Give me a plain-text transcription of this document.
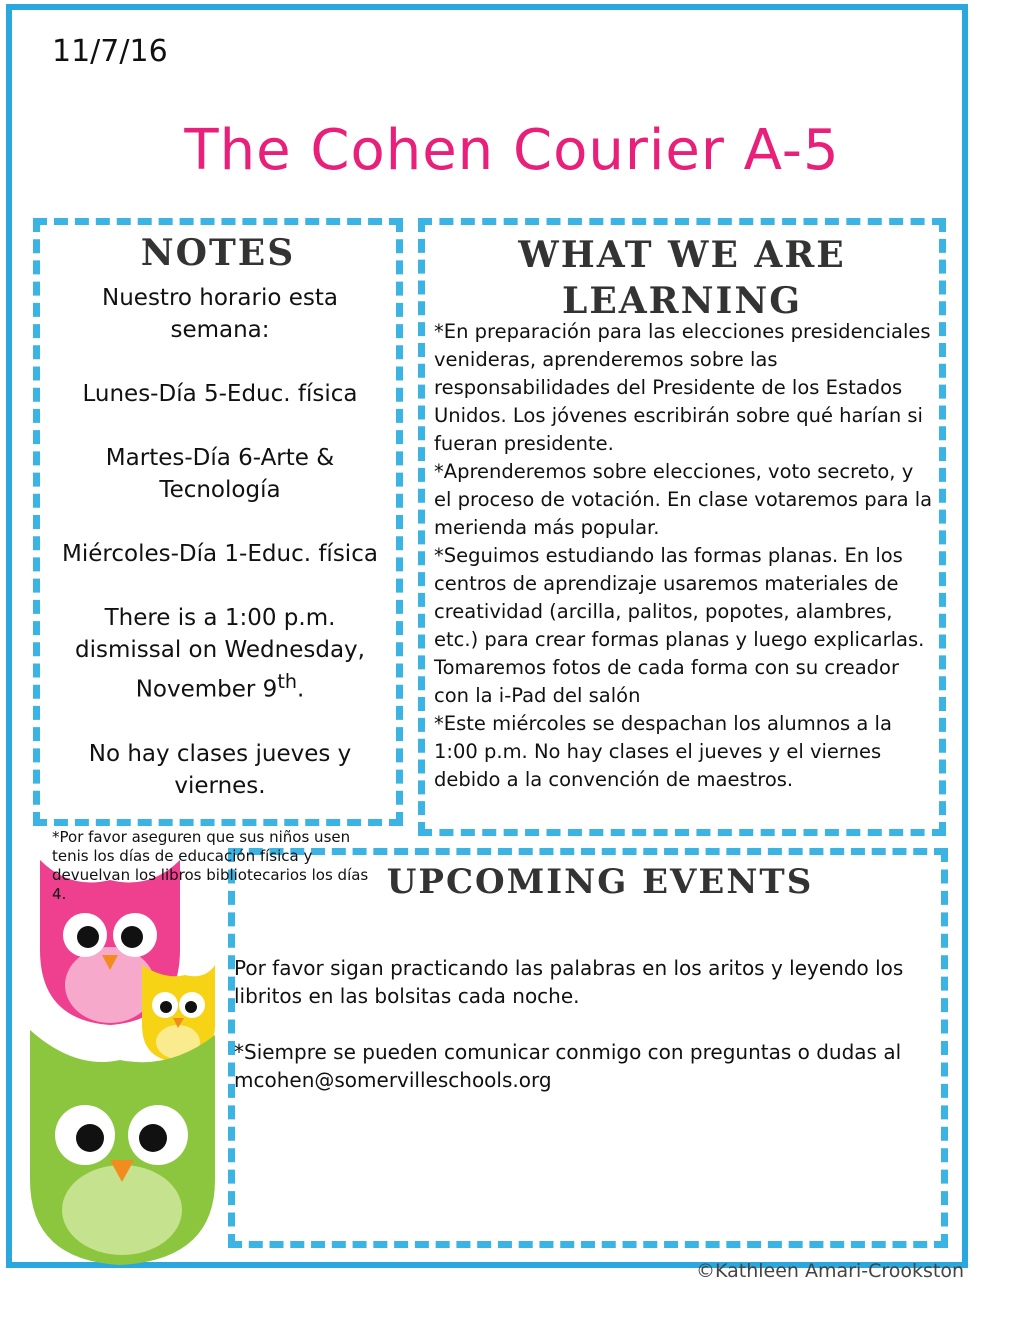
11/7/16
The Cohen Courier A-5
NOTES

Nuestro horario esta semana:

Lunes-Día 5-Educ. física

Martes-Día 6-Arte & Tecnología

Miércoles-Día 1-Educ. física

There is a 1:00 p.m. dismissal on Wednesday, November 9th.

No hay clases jueves y viernes.

WHAT WE ARE
LEARNING

*En preparación para las elecciones presidenciales venideras, aprenderemos sobre las responsabilidades del Presidente de los Estados Unidos. Los jóvenes escribirán sobre qué harían si fueran presidente.

*Aprenderemos sobre elecciones, voto secreto, y el proceso de votación. En clase votaremos para la merienda más popular.

*Seguimos estudiando las formas planas. En los centros de aprendizaje usaremos materiales de creatividad (arcilla, palitos, popotes, alambres, etc.) para crear formas planas y luego explicarlas. Tomaremos fotos de cada forma con su creador con la i-Pad del salón

*Este miércoles se despachan los alumnos a la 1:00 p.m. No hay clases el jueves y el viernes debido a la convención de maestros.

*Por favor aseguren que sus niños usen tenis los días de educación física y devuelvan los libros bibliotecarios los días 4.	UPCOMING EVENTS

Por favor sigan practicando las palabras en los aritos y leyendo los libritos en las bolsitas cada noche.

*Siempre se pueden comunicar conmigo con preguntas o dudas al mcohen@somervilleschools.org

©Kathleen Amari-Crookston
